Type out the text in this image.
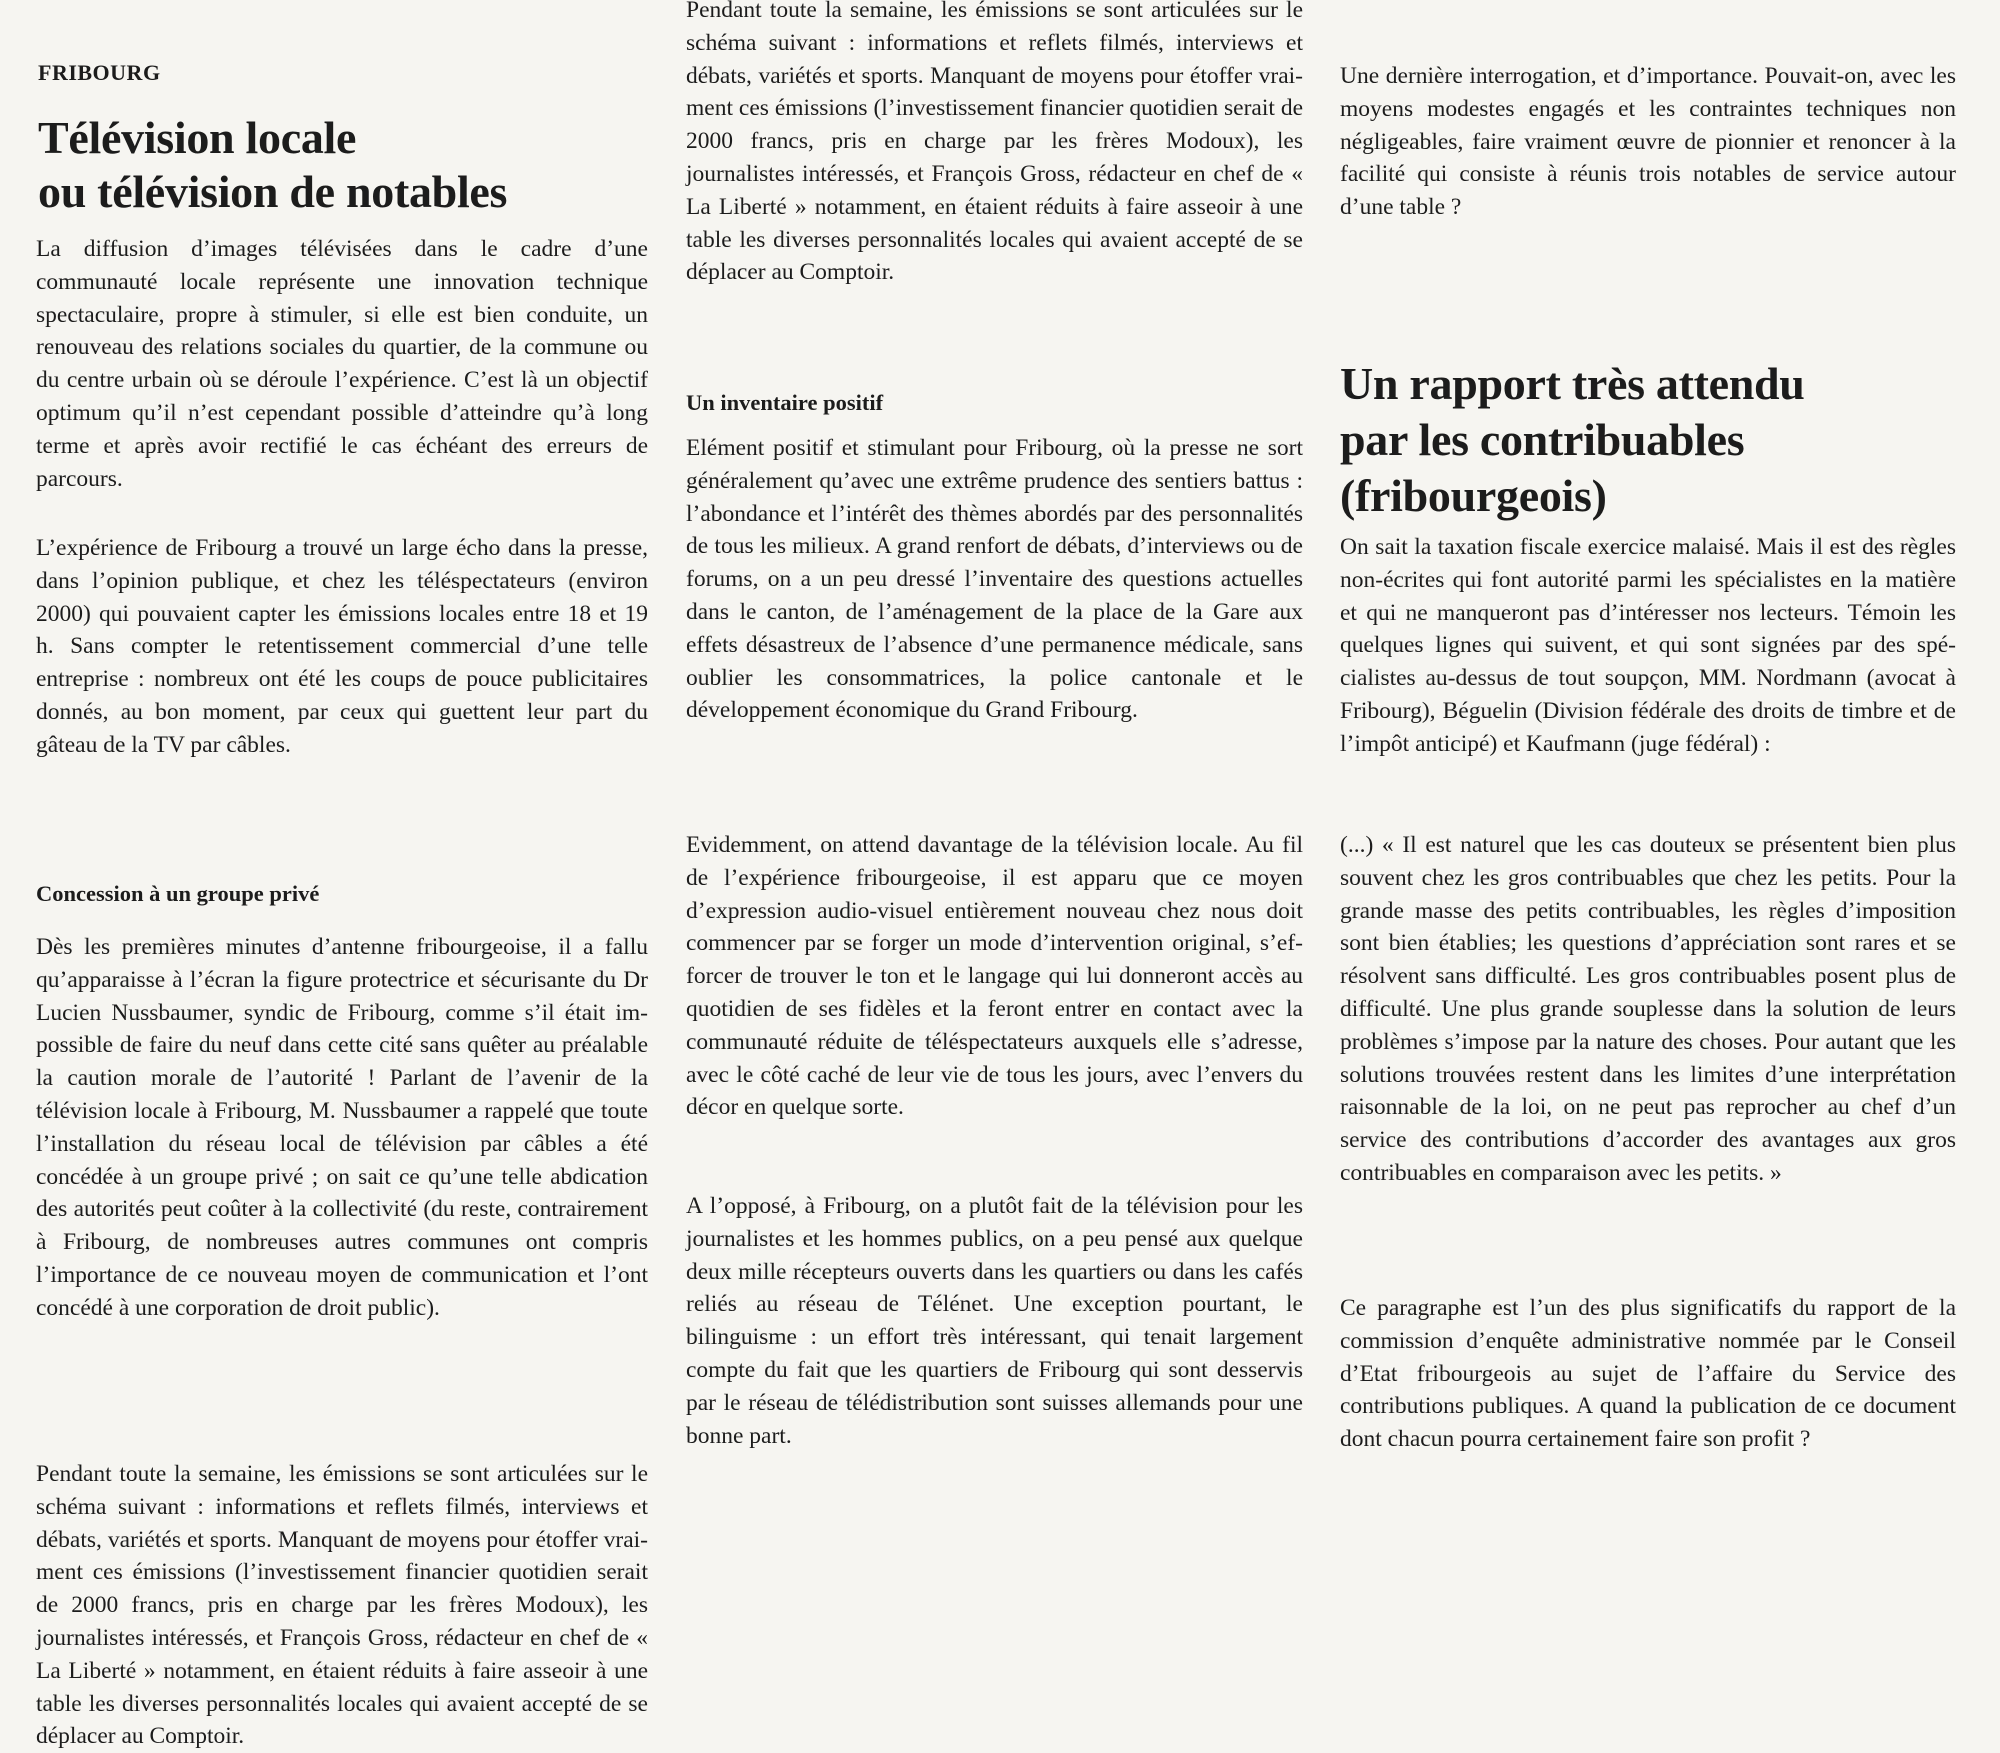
FRIBOURG
Télévision locale
ou télévision de notables

La diffusion d’images télévisées dans le cadre d’une communauté locale représente une innovation technique spectaculaire, propre à stimuler, si elle est bien conduite, un renouveau des relations sociales du quartier, de la commune ou du centre urbain où se déroule l’expérience. C’est là un objectif optimum qu’il n’est cependant possible d’atteindre qu’à long terme et après avoir rectifié le cas échéant des erreurs de parcours.

L’expérience de Fribourg a trouvé un large écho dans la presse, dans l’opinion publique, et chez les téléspectateurs (environ 2000) qui pouvaient capter les émissions locales entre 18 et 19 h. Sans compter le retentissement commercial d’une telle entreprise : nombreux ont été les coups de pouce publicitaires donnés, au bon moment, par ceux qui guettent leur part du gâteau de la TV par câbles.

Concession à un groupe privé

Dès les premières minutes d’antenne fribourgeoise, il a fallu qu’apparaisse à l’écran la figure protectrice et sécurisante du Dr Lucien Nussbaumer, syndic de Fribourg, comme s’il était impossible de faire du neuf dans cette cité sans quêter au préalable la caution morale de l’autorité ! Parlant de l’avenir de la télévision locale à Fribourg, M. Nussbaumer a rappelé que toute l’installation du réseau local de télévision par câbles a été concédée à un groupe privé ; on sait ce qu’une telle abdication des autorités peut coûter à la collectivité (du reste, contrairement à Fribourg, de nombreuses autres communes ont compris l’importance de ce nouveau moyen de communication et l’ont concédé à une corporation de droit public).

Pendant toute la semaine, les émissions se sont articulées sur le schéma suivant : informations et reflets filmés, interviews et débats, variétés et sports. Manquant de moyens pour étoffer vraiment ces émissions (l’investissement financier quotidien serait de 2000 francs, pris en charge par les frères Modoux), les journalistes intéressés, et François Gross, rédacteur en chef de « La Liberté » notamment, en étaient réduits à faire asseoir à une table les diverses personnalités locales qui avaient accepté de se déplacer au Comptoir.

Pendant toute la semaine, les émissions se sont articulées sur le schéma suivant : informations et reflets filmés, interviews et débats, variétés et sports. Manquant de moyens pour étoffer vraiment ces émissions (l’investissement financier quotidien serait de 2000 francs, pris en charge par les frères Modoux), les journalistes intéressés, et François Gross, rédacteur en chef de « La Liberté » notamment, en étaient réduits à faire asseoir à une table les diverses personnalités locales qui avaient accepté de se déplacer au Comptoir.

Un inventaire positif

Elément positif et stimulant pour Fribourg, où la presse ne sort généralement qu’avec une extrême prudence des sentiers battus : l’abondance et l’intérêt des thèmes abordés par des personnalités de tous les milieux. A grand renfort de débats, d’interviews ou de forums, on a un peu dressé l’inventaire des questions actuelles dans le canton, de l’aménagement de la place de la Gare aux effets désastreux de l’absence d’une permanence médicale, sans oublier les consommatrices, la police cantonale et le développement économique du Grand Fribourg.

Evidemment, on attend davantage de la télévision locale. Au fil de l’expérience fribourgeoise, il est apparu que ce moyen d’expression audio-visuel entièrement nouveau chez nous doit commencer par se forger un mode d’intervention original, s’efforcer de trouver le ton et le langage qui lui donneront accès au quotidien de ses fidèles et la feront entrer en contact avec la communauté réduite de téléspectateurs auxquels elle s’adresse, avec le côté caché de leur vie de tous les jours, avec l’envers du décor en quelque sorte.

A l’opposé, à Fribourg, on a plutôt fait de la télévision pour les journalistes et les hommes publics, on a peu pensé aux quelque deux mille récepteurs ouverts dans les quartiers ou dans les cafés reliés au réseau de Télénet. Une exception pourtant, le bilinguisme : un effort très intéressant, qui tenait largement compte du fait que les quartiers de Fribourg qui sont desservis par le réseau de télédistribution sont suisses allemands pour une bonne part.

Une dernière interrogation, et d’importance. Pouvait-on, avec les moyens modestes engagés et les contraintes techniques non négligeables, faire vraiment œuvre de pionnier et renoncer à la facilité qui consiste à réunis trois notables de service autour d’une table ?

Un rapport très attendu
par les contribuables
(fribourgeois)

On sait la taxation fiscale exercice malaisé. Mais il est des règles non-écrites qui font autorité parmi les spécialistes en la matière et qui ne manqueront pas d’intéresser nos lecteurs. Témoin les quelques lignes qui suivent, et qui sont signées par des spécialistes au-dessus de tout soupçon, MM. Nordmann (avocat à Fribourg), Béguelin (Division fédérale des droits de timbre et de l’impôt anticipé) et Kaufmann (juge fédéral) :

(...) « Il est naturel que les cas douteux se présentent bien plus souvent chez les gros contribuables que chez les petits. Pour la grande masse des petits contribuables, les règles d’imposition sont bien établies; les questions d’appréciation sont rares et se résolvent sans difficulté. Les gros contribuables posent plus de difficulté. Une plus grande souplesse dans la solution de leurs problèmes s’impose par la nature des choses. Pour autant que les solutions trouvées restent dans les limites d’une interprétation raisonnable de la loi, on ne peut pas reprocher au chef d’un service des contributions d’accorder des avantages aux gros contribuables en comparaison avec les petits. »

Ce paragraphe est l’un des plus significatifs du rapport de la commission d’enquête administrative nommée par le Conseil d’Etat fribourgeois au sujet de l’affaire du Service des contributions publiques. A quand la publication de ce document dont chacun pourra certainement faire son profit ?
